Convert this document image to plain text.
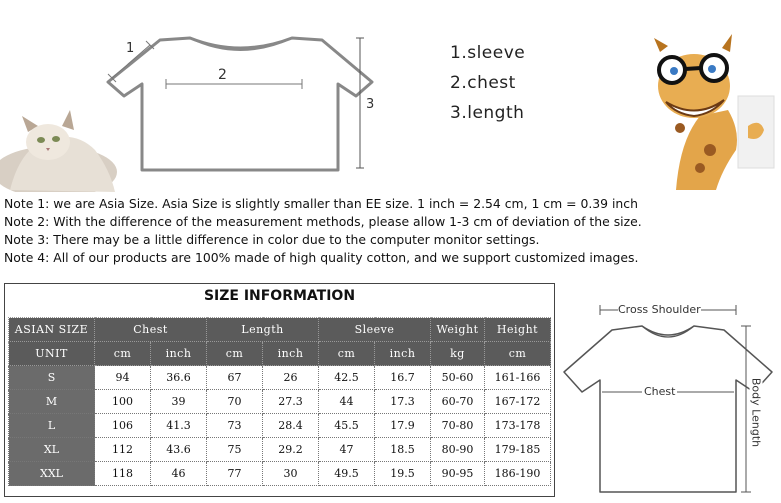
1
2
3
1.sleeve
2.chest
3.length
Note 1: we are Asia Size. Asia Size is slightly smaller than EE size. 1 inch = 2.54 cm, 1 cm = 0.39 inch
Note 2: With the difference of the measurement methods, please allow 1-3 cm of deviation of the size.
Note 3: There may be a little difference in color due to the computer monitor settings.
Note 4: All of our products are 100% made of high quality cotton, and we support customized images.
SIZE INFORMATION
ASIAN SIZE	Chest		Length		Sleeve		Weight	Height
UNIT	cm	inch	cm	inch	cm	inch	kg	cm
S	94	36.6	67	26	42.5	16.7	50-60	161-166
M	100	39	70	27.3	44	17.3	60-70	167-172
L	106	41.3	73	28.4	45.5	17.9	70-80	173-178
XL	112	43.6	75	29.2	47	18.5	80-90	179-185
XXL	118	46	77	30	49.5	19.5	90-95	186-190
Cross Shoulder
Chest	Body Length
